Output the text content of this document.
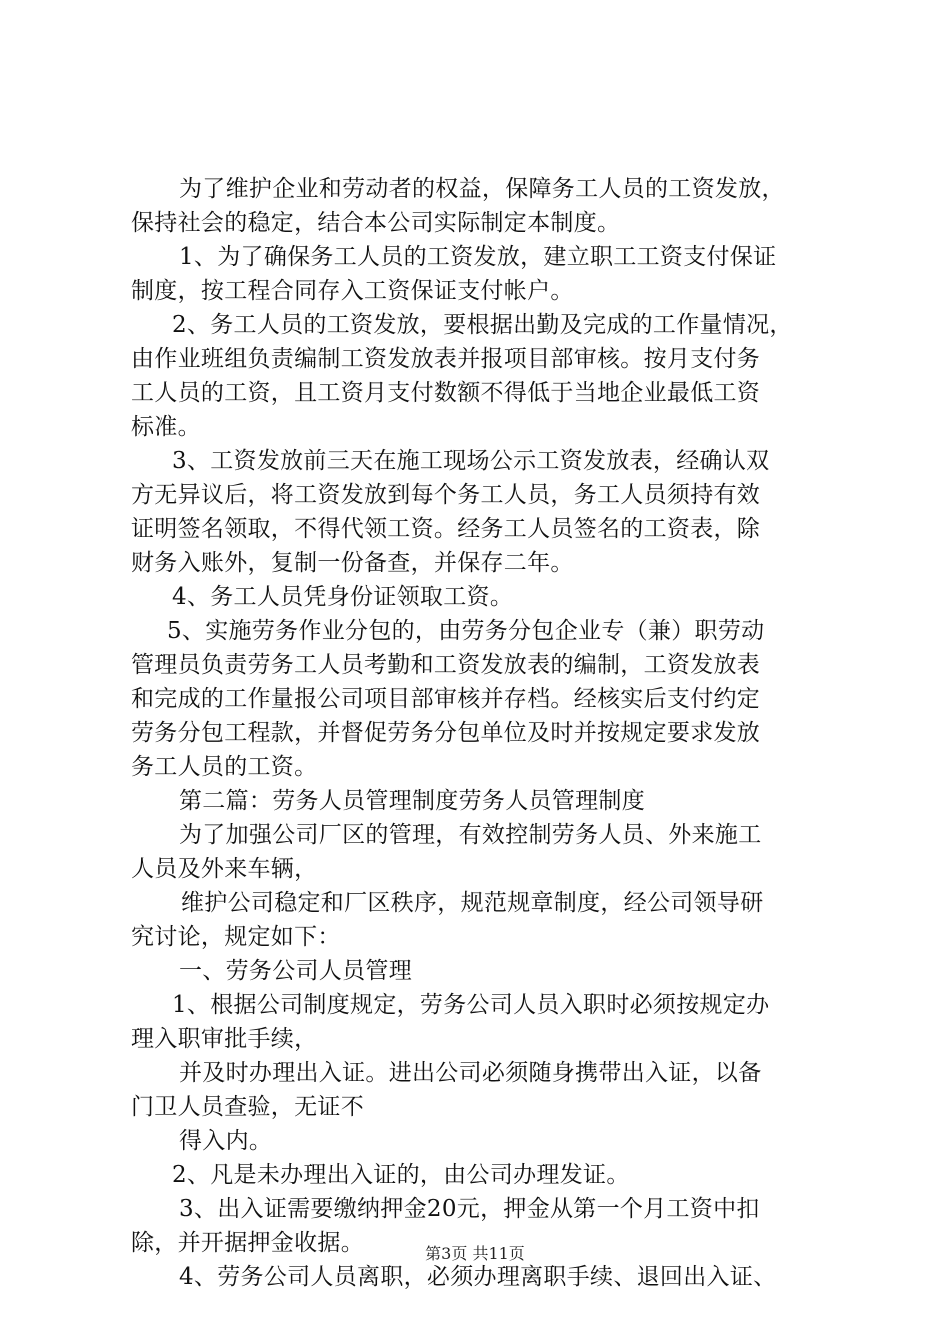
为了维护企业和劳动者的权益，保障务工人员的工资发放，
保持社会的稳定，结合本公司实际制定本制度。
1、为了确保务工人员的工资发放，建立职工工资支付保证
制度，按工程合同存入工资保证支付帐户。
2、务工人员的工资发放，要根据出勤及完成的工作量情况，
由作业班组负责编制工资发放表并报项目部审核。按月支付务
工人员的工资，且工资月支付数额不得低于当地企业最低工资
标准。
3、工资发放前三天在施工现场公示工资发放表，经确认双
方无异议后，将工资发放到每个务工人员，务工人员须持有效
证明签名领取，不得代领工资。经务工人员签名的工资表，除
财务入账外，复制一份备查，并保存二年。
4、务工人员凭身份证领取工资。
5、实施劳务作业分包的，由劳务分包企业专（兼）职劳动
管理员负责劳务工人员考勤和工资发放表的编制，工资发放表
和完成的工作量报公司项目部审核并存档。经核实后支付约定
劳务分包工程款，并督促劳务分包单位及时并按规定要求发放
务工人员的工资。
第二篇：劳务人员管理制度劳务人员管理制度
为了加强公司厂区的管理，有效控制劳务人员、外来施工
人员及外来车辆，
维护公司稳定和厂区秩序，规范规章制度，经公司领导研
究讨论，规定如下：
一、劳务公司人员管理
1、根据公司制度规定，劳务公司人员入职时必须按规定办
理入职审批手续，
并及时办理出入证。进出公司必须随身携带出入证，以备
门卫人员查验，无证不
得入内。
2、凡是未办理出入证的，由公司办理发证。
3、出入证需要缴纳押金20元，押金从第一个月工资中扣
除，并开据押金收据。
4、劳务公司人员离职，必须办理离职手续、退回出入证、
第3页 共11页
